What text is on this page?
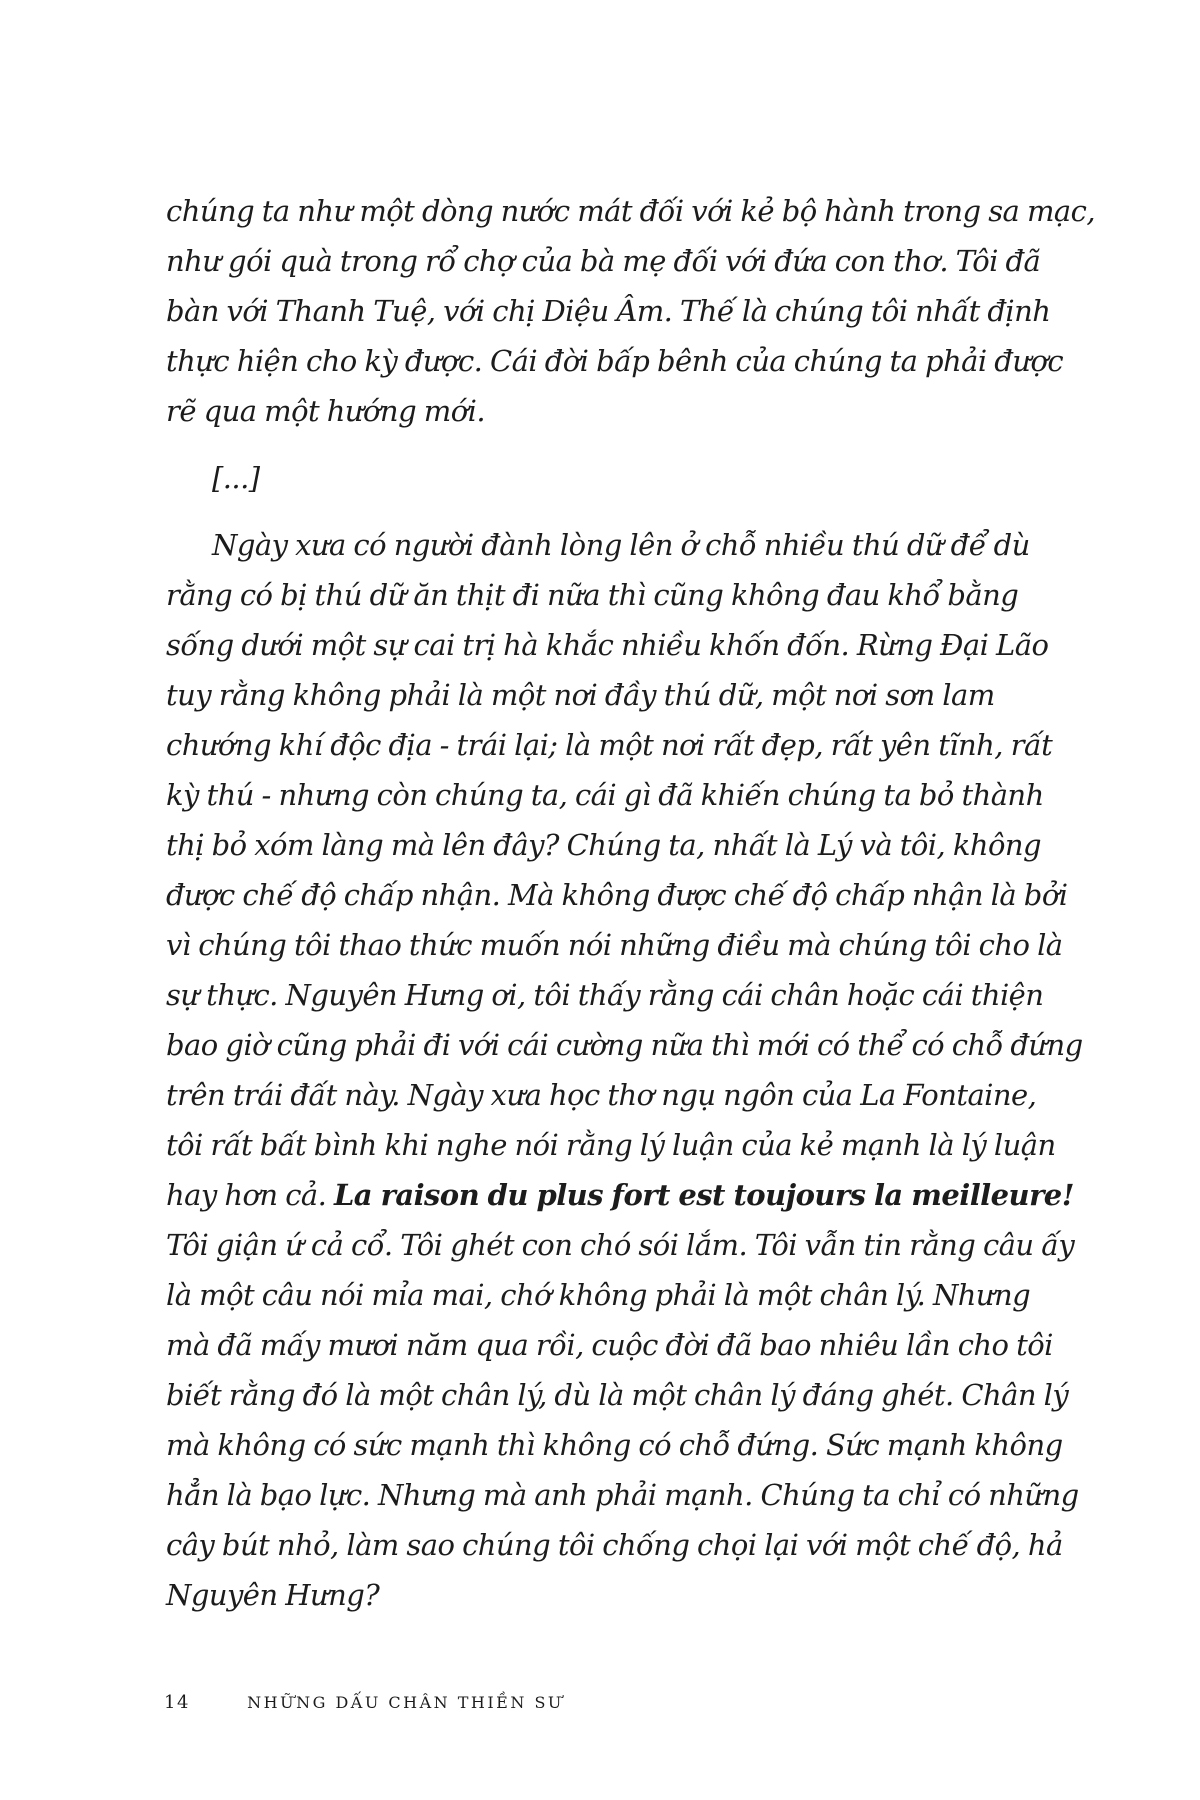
chúng ta như một dòng nước mát đối với kẻ bộ hành trong sa mạc,
như gói quà trong rổ chợ của bà mẹ đối với đứa con thơ. Tôi đã
bàn với Thanh Tuệ, với chị Diệu Âm. Thế là chúng tôi nhất định
thực hiện cho kỳ được. Cái đời bấp bênh của chúng ta phải được
rẽ qua một hướng mới.
[...]
Ngày xưa có người đành lòng lên ở chỗ nhiều thú dữ để dù
rằng có bị thú dữ ăn thịt đi nữa thì cũng không đau khổ bằng
sống dưới một sự cai trị hà khắc nhiều khốn đốn. Rừng Đại Lão
tuy rằng không phải là một nơi đầy thú dữ, một nơi sơn lam
chướng khí độc địa - trái lại; là một nơi rất đẹp, rất yên tĩnh, rất
kỳ thú - nhưng còn chúng ta, cái gì đã khiến chúng ta bỏ thành
thị bỏ xóm làng mà lên đây? Chúng ta, nhất là Lý và tôi, không
được chế độ chấp nhận. Mà không được chế độ chấp nhận là bởi
vì chúng tôi thao thức muốn nói những điều mà chúng tôi cho là
sự thực. Nguyên Hưng ơi, tôi thấy rằng cái chân hoặc cái thiện
bao giờ cũng phải đi với cái cường nữa thì mới có thể có chỗ đứng
trên trái đất này. Ngày xưa học thơ ngụ ngôn của La Fontaine,
tôi rất bất bình khi nghe nói rằng lý luận của kẻ mạnh là lý luận
hay hơn cả. La raison du plus fort est toujours la meilleure!
Tôi giận ứ cả cổ. Tôi ghét con chó sói lắm. Tôi vẫn tin rằng câu ấy
là một câu nói mỉa mai, chớ không phải là một chân lý. Nhưng
mà đã mấy mươi năm qua rồi, cuộc đời đã bao nhiêu lần cho tôi
biết rằng đó là một chân lý, dù là một chân lý đáng ghét. Chân lý
mà không có sức mạnh thì không có chỗ đứng. Sức mạnh không
hẳn là bạo lực. Nhưng mà anh phải mạnh. Chúng ta chỉ có những
cây bút nhỏ, làm sao chúng tôi chống chọi lại với một chế độ, hả
Nguyên Hưng?
14	NHỮNG DẤU CHÂN THIỀN SƯ
